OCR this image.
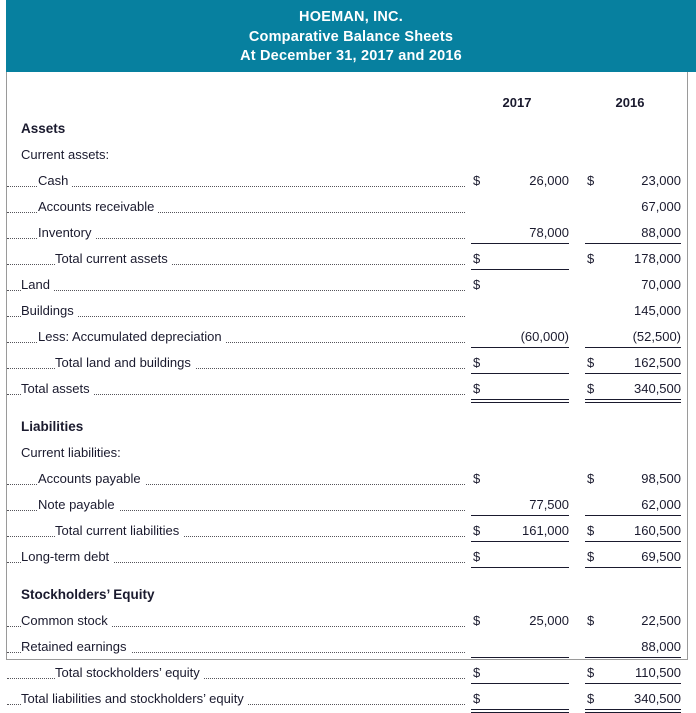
HOEMAN, INC.
Comparative Balance Sheets
At December 31, 2017 and 2016
	2017		2016
Assets			
Current assets:			

Cash	$ 26,000		$ 23,000

Accounts receivable			67,000

Inventory	78,000		88,000

Total current assets	$		$ 178,000

Land	$		70,000

Buildings			145,000

Less: Accumulated depreciation	(60,000)		(52,500)

Total land and buildings	$		$ 162,500

Total assets	$		$ 340,500

Liabilities			
Current liabilities:			

Accounts payable	$		$ 98,500

Note payable	77,500		62,000

Total current liabilities	$ 161,000		$ 160,500

Long-term debt	$		$ 69,500

Stockholders’ Equity			

Common stock	$ 25,000		$ 22,500

Retained earnings			88,000

Total stockholders’ equity	$		$ 110,500

Total liabilities and stockholders’ equity	$		$ 340,500
